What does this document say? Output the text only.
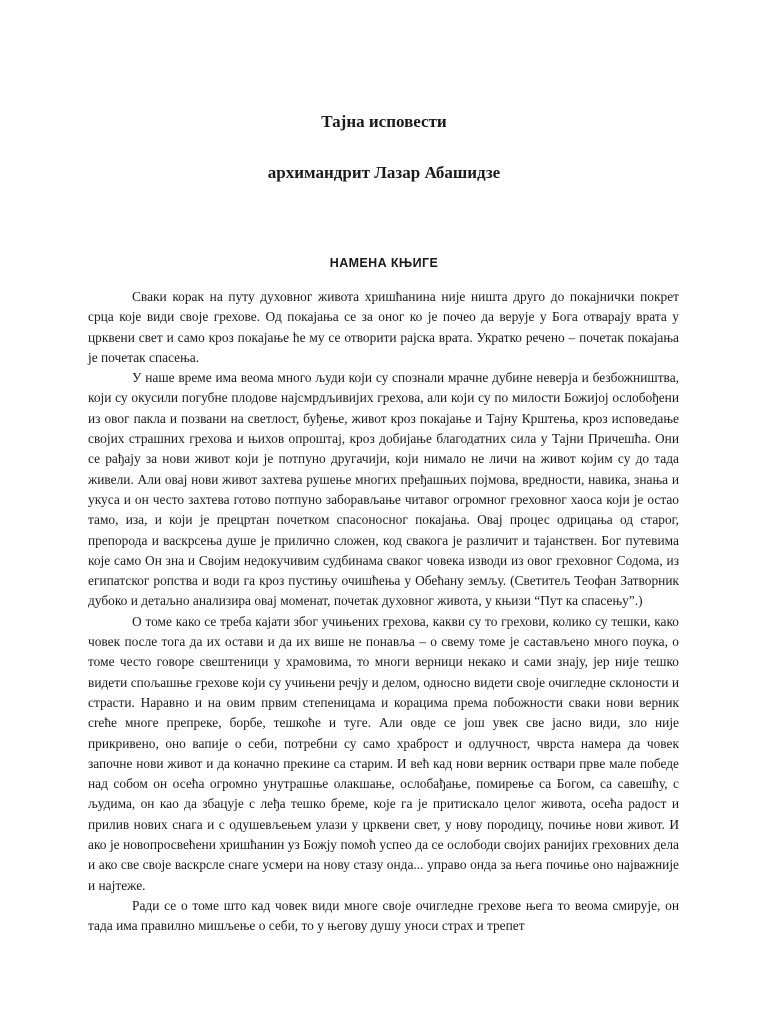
Тајна исповести
архимандрит Лазар Абашидзе
НАМЕНА КЊИГЕ

Сваки корак на путу духовног живота хришћанина није ништа друго до покајнички покрет срца које види своје грехове. Од покајања се за оног ко је почео да верује у Бога отварају врата у црквени свет и само кроз покајање ће му се отворити рајска врата. Укратко речено – почетак покајања је почетак спасења.

У наше време има веома много људи који су спознали мрачне дубине неверја и безбожништва, који су окусили погубне плодове најсмрдљивијих грехова, али који су по милости Божијој ослобођени из овог пакла и позвани на светлост, буђење, живот кроз покајање и Тајну Крштења, кроз исповедање својих страшних грехова и њихов опроштај, кроз добијање благодатних сила у Тајни Причешћа. Они се рађају за нови живот који је потпуно другачији, који нимало не личи на живот којим су до тада живели. Али овај нови живот захтева рушење многих пређашњих појмова, вредности, навика, знања и укуса и он често захтева готово потпуно заборављање читавог огромног греховног хаоса који је остао тамо, иза, и који је прецртан почетком спасоносног покајања. Овај процес одрицања од старог, препорода и васкрсења душе је прилично сложен, код свакога је различит и тајанствен. Бог путевима које само Он зна и Својим недокучивим судбинама сваког човека изводи из овог греховног Содома, из египатског ропства и води га кроз пустињу очишћења у Обећану земљу. (Светитељ Теофан Затворник дубоко и детаљно анализира овај моменат, почетак духовног живота, у књизи “Пут ка спасењу”.)

О томе како се треба кајати због учињених грехова, какви су то грехови, колико су тешки, како човек после тога да их остави и да их више не понавља – о свему томе је састављено много поука, о томе често говоре свештеници у храмовима, то многи верници некако и сами знају, јер није тешко видети спољашње грехове који су учињени речју и делом, односно видети своје очигледне склоности и страсти. Наравно и на овим првим степеницама и корацима према побожности сваки нови верник сreће многе препреке, борбе, тешкоће и туге. Али овде се још увек све јасно види, зло није прикривено, оно вапије о себи, потребни су само храброст и одлучност, чврста намера да човек започне нови живот и да коначно прекине са старим. И већ кад нови верник оствари прве мале победе над собом он осећа огромно унутрашње олакшање, ослобађање, помирење са Богом, са савешћу, с људима, он као да збацује с леђа тешко бреме, које га је притискало целог живота, осећа радост и прилив нових снага и с одушевљењем улази у црквени свет, у нову породицу, почиње нови живот. И ако је новопросвећени хришћанин уз Божју помоћ успео да се ослободи својих ранијих греховних дела и ако све своје васкрсле снаге усмери на нову стазу онда... управо онда за њега почиње оно најважније и најтеже.

Ради се о томе што кад човек види многе своје очигледне грехове њега то веома смирује, он тада има правилно мишљење о себи, то у његову душу уноси страх и трепет
